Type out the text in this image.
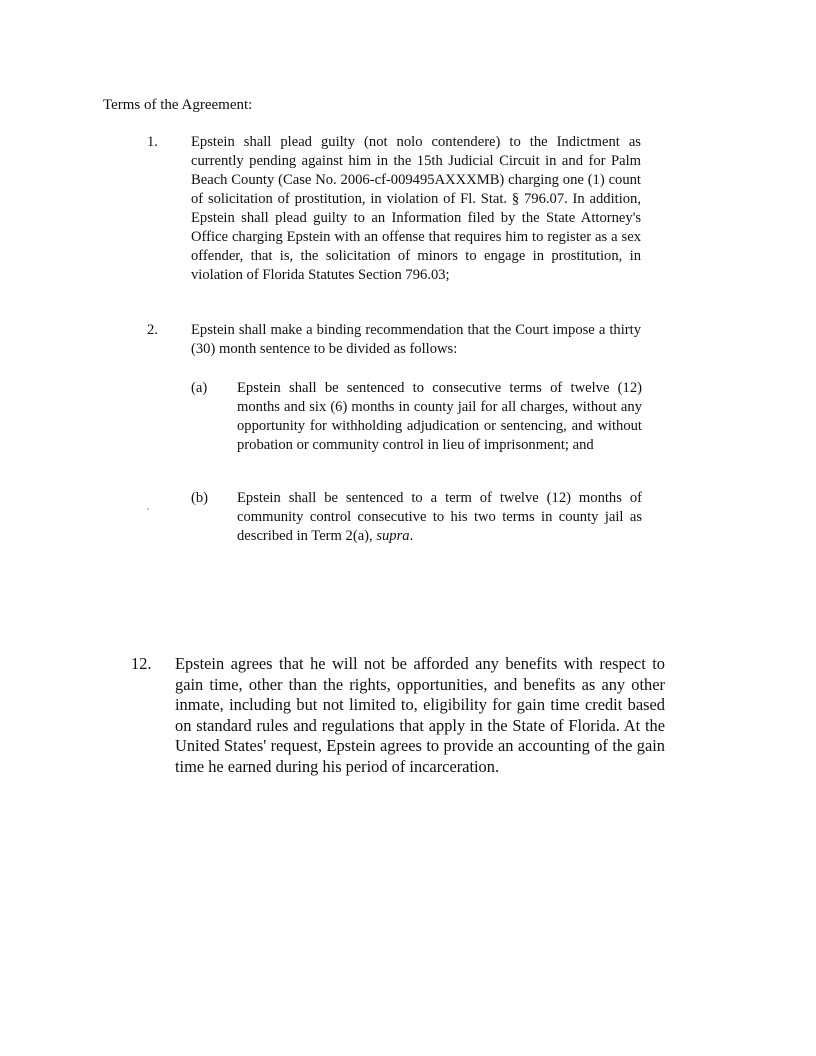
Terms of the Agreement:
1. Epstein shall plead guilty (not nolo contendere) to the Indictment as currently pending against him in the 15th Judicial Circuit in and for Palm Beach County (Case No. 2006-cf-009495AXXXMB) charging one (1) count of solicitation of prostitution, in violation of Fl. Stat. § 796.07. In addition, Epstein shall plead guilty to an Information filed by the State Attorney's Office charging Epstein with an offense that requires him to register as a sex offender, that is, the solicitation of minors to engage in prostitution, in violation of Florida Statutes Section 796.03;

2. Epstein shall make a binding recommendation that the Court impose a thirty (30) month sentence to be divided as follows:

(a) Epstein shall be sentenced to consecutive terms of twelve (12) months and six (6) months in county jail for all charges, without any opportunity for withholding adjudication or sentencing, and without probation or community control in lieu of imprisonment; and

(b) Epstein shall be sentenced to a term of twelve (12) months of community control consecutive to his two terms in county jail as described in Term 2(a), supra.

12. Epstein agrees that he will not be afforded any benefits with respect to gain time, other than the rights, opportunities, and benefits as any other inmate, including but not limited to, eligibility for gain time credit based on standard rules and regulations that apply in the State of Florida. At the United States' request, Epstein agrees to provide an accounting of the gain time he earned during his period of incarceration.
